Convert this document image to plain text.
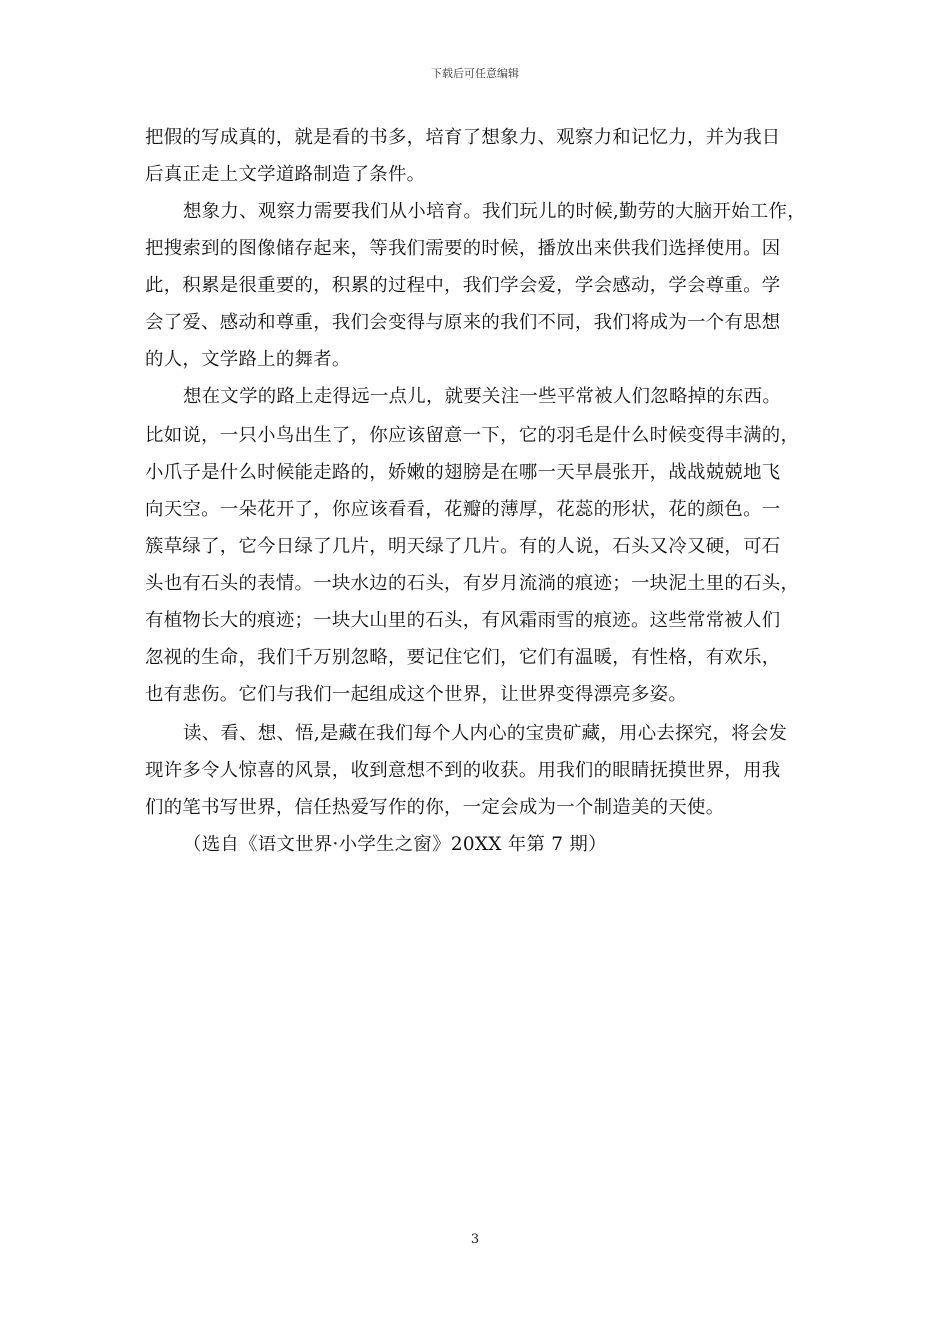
下载后可任意编辑
把假的写成真的，就是看的书多，培育了想象力、观察力和记忆力，并为我日
后真正走上文学道路制造了条件。
想象力、观察力需要我们从小培育。我们玩儿的时候,勤劳的大脑开始工作，
把搜索到的图像储存起来，等我们需要的时候，播放出来供我们选择使用。因
此，积累是很重要的，积累的过程中，我们学会爱，学会感动，学会尊重。学
会了爱、感动和尊重，我们会变得与原来的我们不同，我们将成为一个有思想
的人，文学路上的舞者。
想在文学的路上走得远一点儿，就要关注一些平常被人们忽略掉的东西。
比如说，一只小鸟出生了，你应该留意一下，它的羽毛是什么时候变得丰满的，
小爪子是什么时候能走路的，娇嫩的翅膀是在哪一天早晨张开，战战兢兢地飞
向天空。一朵花开了，你应该看看，花瓣的薄厚，花蕊的形状，花的颜色。一
簇草绿了，它今日绿了几片，明天绿了几片。有的人说，石头又冷又硬，可石
头也有石头的表情。一块水边的石头，有岁月流淌的痕迹；一块泥土里的石头，
有植物长大的痕迹；一块大山里的石头，有风霜雨雪的痕迹。这些常常被人们
忽视的生命，我们千万别忽略，要记住它们，它们有温暖，有性格，有欢乐，
也有悲伤。它们与我们一起组成这个世界，让世界变得漂亮多姿。
读、看、想、悟,是藏在我们每个人内心的宝贵矿藏，用心去探究，将会发
现许多令人惊喜的风景，收到意想不到的收获。用我们的眼睛抚摸世界，用我
们的笔书写世界，信任热爱写作的你，一定会成为一个制造美的天使。
（选自《语文世界·小学生之窗》20XX 年第 7 期）
3
